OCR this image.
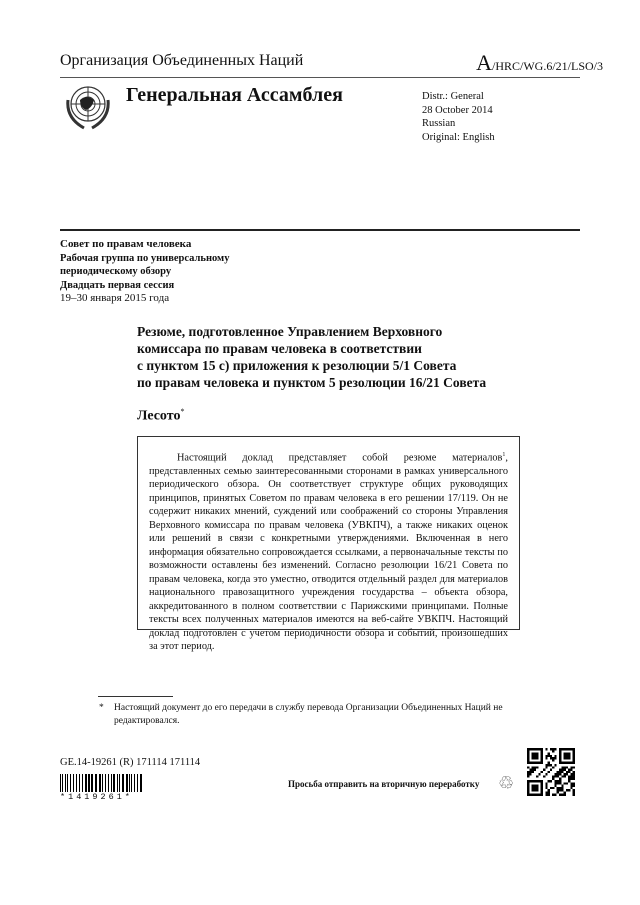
Организация Объединенных Наций	A/HRC/WG.6/21/LSO/3
Генеральная Ассамблея	Distr.: General
28 October 2014
Russian
Original: English
Совет по правам человека
Рабочая группа по универсальному
периодическому обзору
Двадцать первая сессия
19–30 января 2015 года
Резюме, подготовленное Управлением Верховного
комиссара по правам человека в соответствии
с пунктом 15 с) приложения к резолюции 5/1 Совета
по правам человека и пунктом 5 резолюции 16/21 Совета
Лесото*

Настоящий доклад представляет собой резюме материалов$^1$, представленных семью заинтересованными сторонами в рамках универсального периодического обзора. Он соответствует структуре общих руководящих принципов, принятых Советом по правам человека в его решении 17/119. Он не содержит никаких мнений, суждений или соображений со стороны Управления Верховного комиссара по правам человека (УВКПЧ), а также никаких оценок или решений в связи с конкретными утверждениями. Включенная в него информация обязательно сопровождается ссылками, а первоначальные тексты по возможности оставлены без изменений. Согласно резолюции 16/21 Совета по правам человека, когда это уместно, отводится отдельный раздел для материалов национального правозащитного учреждения государства – объекта обзора, аккредитованного в полном соответствии с Парижскими принципами. Полные тексты всех полученных материалов имеются на веб-сайте УВКПЧ. Настоящий доклад подготовлен с учетом периодичности обзора и событий, произошедших за этот период.

*	Настоящий документ до его передачи в службу перевода Организации Объединенных Наций не редактировался.
GE.14-19261 (R) 171114 171114
*1419261*
Просьба отправить на вторичную переработку ♲
